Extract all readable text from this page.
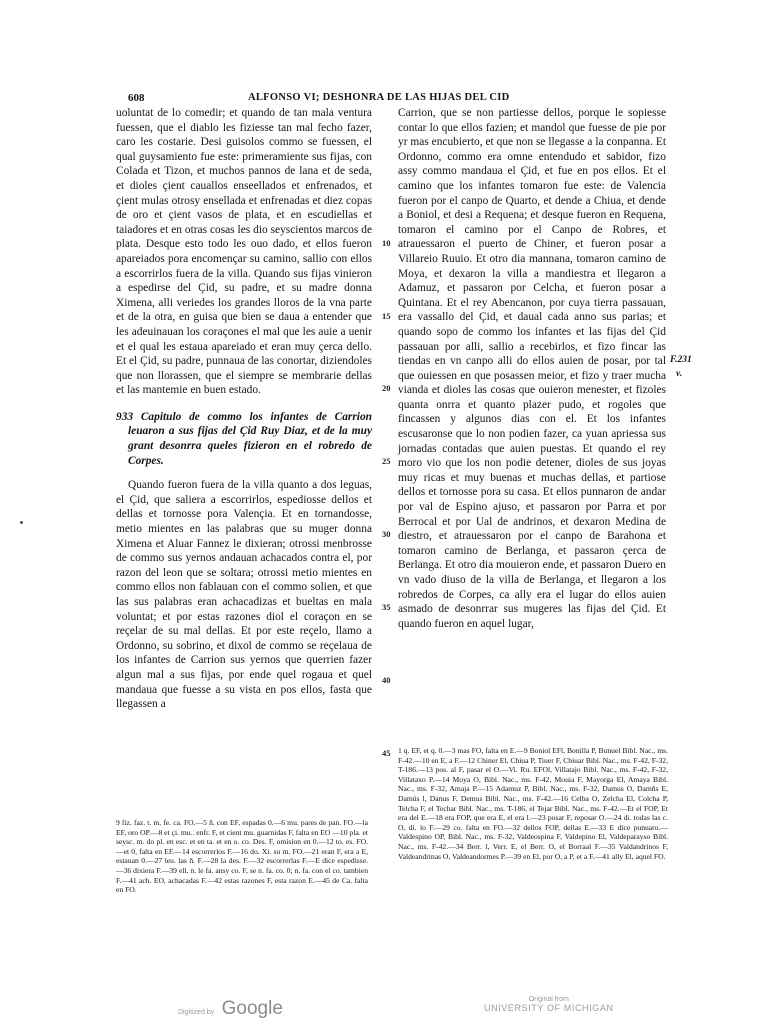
608	ALFONSO VI; DESHONRA DE LAS HIJAS DEL CID

uoluntat de lo comedir; et quando de tan mala ventura fuessen, que el diablo les fiziesse tan mal fecho fazer, caro les costarie. Desi guisolos commo se fuessen, el qual guysamiento fue este: primeramiente sus fijas, con Colada et Tizon, et muchos pannos de lana et de seda, et dioles çient cauallos enseellados et enfrenados, et çient mulas otrosy ensellada et enfrenadas et diez copas de oro et çient vasos de plata, et en escudiellas et taiadores et en otras cosas les dio seyscientos marcos de plata. Desque esto todo les ouo dado, et ellos fueron apareiados pora encomençar su camino, sallio con ellos a escorrirlos fuera de la villa. Quando sus fijas vinieron a espedirse del Çid, su padre, et su madre donna Ximena, alli veriedes los grandes lloros de la vna parte et de la otra, en guisa que bien se daua a entender que les adeuinauan los coraçones el mal que les auie a uenir et el qual les estaua apareiado et eran muy çerca dello. Et el Çid, su padre, punnaua de las conortar, diziendoles que non llorassen, que el siempre se membrarie dellas et las mantemie en buen estado.

933 Capitulo de commo los infantes de Carrion leuaron a sus fijas del Çid Ruy Diaz, et de la muy grant desonrra queles fizieron en el robredo de Corpes.

Quando fueron fuera de la villa quanto a dos leguas, el Çid, que saliera a escorrirlos, espediosse dellos et dellas et tornosse pora Valençia. Et en tornandosse, metio mientes en las palabras que su muger donna Ximena et Aluar Fannez le dixieran; otrossi menbrosse de commo sus yernos andauan achacados contra el, por razon del leon que se soltara; otrossi metio mientes en commo ellos non fablauan con el commo solien, et que las sus palabras eran achacadizas et bueltas en mala voluntat; et por estas razones diol el coraçon en se reçelar de su mal dellas. Et por este reçelo, llamo a Ordonno, su sobrino, et dixol de commo se reçelaua de los infantes de Carrion sus yernos que querrien fazer algun mal a sus fijas, por ende quel rogaua et quel mandaua que fuesse a su vista en pos ellos, fasta que llegassen a

10
15
20
25
30
35
40
45

Carrion, que se non partiesse dellos, porque le sopiesse contar lo que ellos fazien; et mandol que fuesse de pie por yr mas encubierto, et que non se llegasse a la conpanna. Et Ordonno, commo era omne entendudo et sabidor, fizo assy commo mandaua el Çid, et fue en pos ellos. Et el camino que los infantes tomaron fue este: de Valencia fueron por el canpo de Quarto, et dende a Chiua, et dende a Boniol, et desi a Requena; et desque fueron en Requena, tomaron el camino por el Canpo de Robres, et atrauessaron el puerto de Chiner, et fueron posar a Villareio Ruuio. Et otro dia mannana, tomaron camino de Moya, et dexaron la villa a mandiestra et llegaron a Adamuz, et passaron por Celcha, et fueron posar a Quintana. Et el rey Abencanon, por cuya tierra passauan, era vassallo del Çid, et daual cada anno sus parias; et quando sopo de commo los infantes et las fijas del Çid passauan por alli, sallio a recebirlos, et fizo fincar las tiendas en vn canpo alli do ellos auien de posar, por tal que ouiessen en que posassen meior, et fizo y traer mucha vianda et dioles las cosas que ouieron menester, et fizoles quanta onrra et quanto plazer pudo, et rogoles que fincassen y algunos dias con el. Et los infantes escusaronse que lo non podien fazer, ca yuan apriessa sus jornadas contadas que auien puestas. Et quando el rey moro vio que los non podie detener, dioles de sus joyas muy ricas et muy buenas et muchas dellas, et partiose dellos et tornosse pora su casa. Et ellos punnaron de andar por val de Espino ajuso, et passaron por Parra et por Berrocal et por Ual de andrinos, et dexaron Medina de diestro, et atrauessaron por el canpo de Barahona et tomaron camino de Berlanga, et passaron çerca de Berlanga. Et otro dia mouieron ende, et passaron Duero en vn vado diuso de la villa de Berlanga, et llegaron a los robredos de Corpes, ca ally era el lugar do ellos auien asmado de desonrrar sus mugeres las fijas del Çid. Et quando fueron en aquel lugar,

F.231
v.
9 fiz. faz. t. m. fe. ca. FO.—5 ñ. con EF, espadas 0.—6 mu. pares de pan. FO.—la EF, oro OP.—8 et çi. mu.. enfr. F, et cient mu. guarnidas F, falta en EO —10 pla. et seysc. m. do pl. en esc. et en ta. et en o. co. Des. F, omision en 0.—12 to. es. FO.—et 0, falta en EF.—14 escorrerlos F.—16 do. Xi. su m. FO.—21 eran F, era a E, estauan 0.—27 leu. las ñ. F.—28 la des. F.—32 escorrerlas F.—E dice espedisse.—36 dixiera F.—39 ell. n. le fa. ansy co. F, se n. fa. co. 0; n. fa. con el co. tambien F.—41 ach. EO, achacadas F.—42 estas razones F, esta razon E.—45 de Ca. falta en FO.
1 q. EF, et q. 0.—3 mas FO, falta en E.—9 Boniol EFl, Bonilla P, Bunuel Bibl. Nac., ms. F-42.—10 en E, a F.—12 Chiner El, Chiua P, Tiuer F, Chiuar Bibl. Nac., ms. F-42, F-32, T-186.—13 pos. al F, pasar el O.—Vi. Ru. EFOl, Villatajo Bibl. Nac., ms. F-42, F-32, Villataxo P.—14 Moya O, Bibl. Nac., ms. F-42, Mouia F, Mayorga El, Amaya Bibl. Nac., ms. F-32, Amaja P.—15 Adamuz P, Bibl. Nac., ms. F-32, Damus O, Damñs E, Damús l, Danus F, Demus Bibl. Nac., ms. F-42.—16 Celba O, Zelcha El, Colcha P, Telcha F, el Techar Bibl. Nac., ms. T-186, el Tejar Bibl. Nac., ms. F-42.—Et el FOP, Et era del E.—18 era FOP, que era E, el era l.—23 posar F, reposar O.—24 di. todas las c. O, di. lo F.—29 co. falta en FO.—32 dellos FOP, dellas E.—33 E dice punuaro.—Valdespino OP, Bibl. Nac., ms. F-32, Valdeospina F, Valdepino El, Valdeparayso Bibl. Nac., ms. F-42.—34 Berr. l, Verr. E, el Berr. O, el Borraal F.—35 Valdandrinos F, Valdeandrinas O, Valdeandormes P.—39 en El, por O, a P, et a F.—41 ally El, aquel FO.
Digitized by Google	Original from
UNIVERSITY OF MICHIGAN
